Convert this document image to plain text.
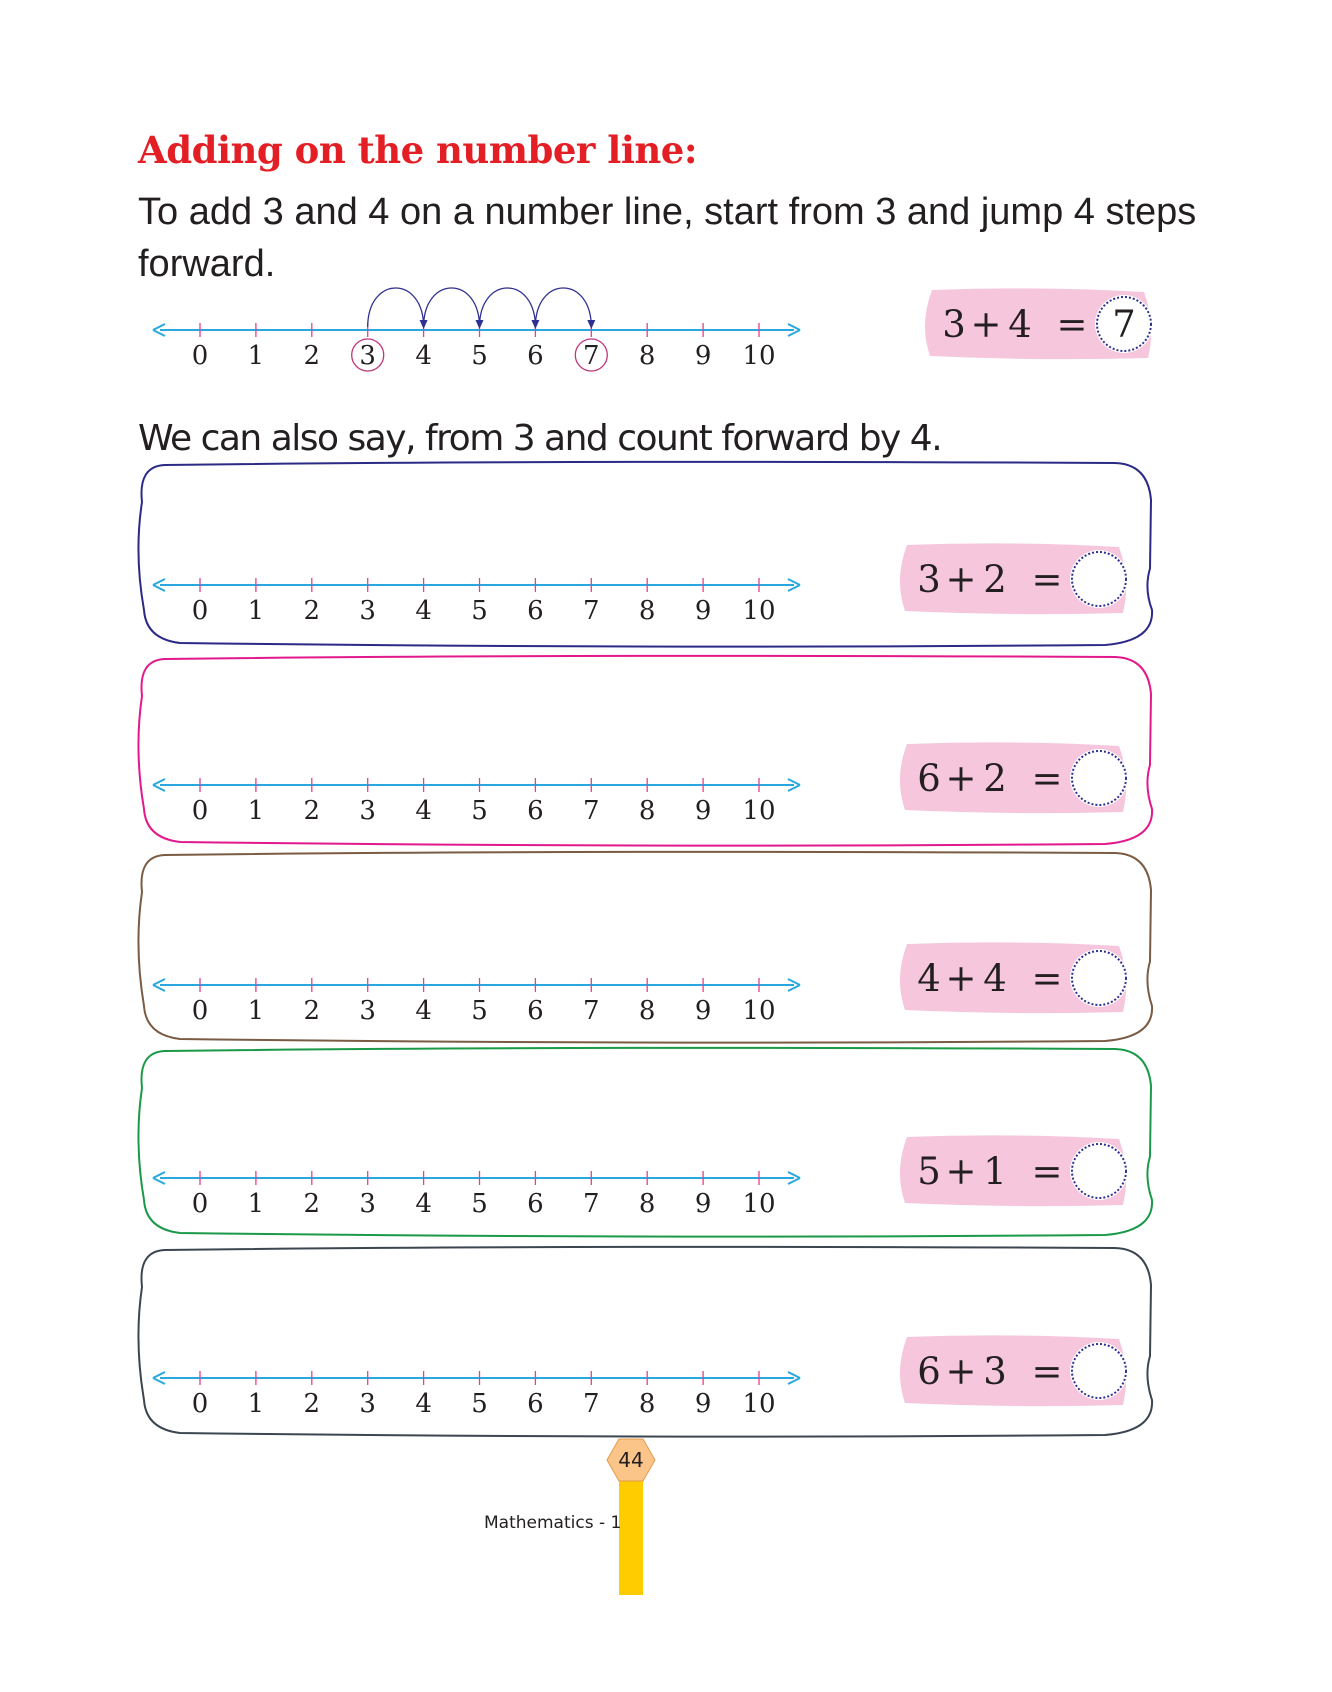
Adding on the number line:
To add 3 and 4 on a number line, start from 3 and jump 4 steps forward.
We can also say, from 3 and count forward by 4.
0 1 2 3 4 5 6 7 8 9 10
3 + 4 = 7
0 1 2 3 4 5 6 7 8 9 10
3 + 2 =
0 1 2 3 4 5 6 7 8 9 10
6 + 2 =
0 1 2 3 4 5 6 7 8 9 10
4 + 4 =
0 1 2 3 4 5 6 7 8 9 10
5 + 1 =
0 1 2 3 4 5 6 7 8 9 10
6 + 3 =
44
Mathematics - 1
